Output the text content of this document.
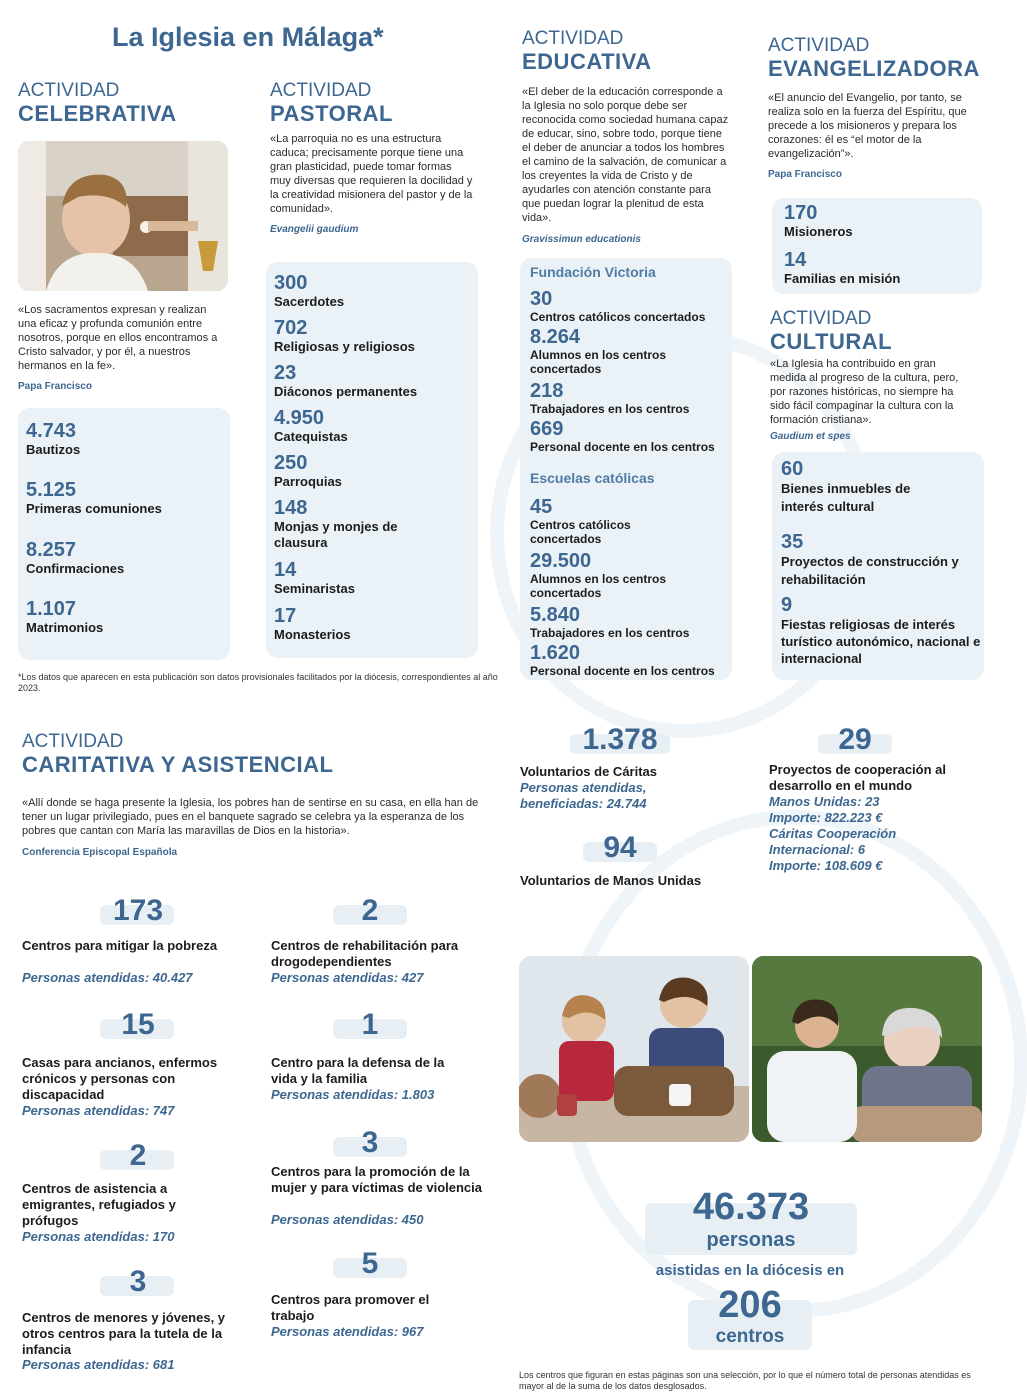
La Iglesia en Málaga*
ACTIVIDAD
CELEBRATIVA
«Los sacramentos expresan y realizan una eficaz y profunda comunión entre nosotros, porque en ellos encontramos a Cristo salvador, y por él, a nuestros hermanos en la fe».
Papa Francisco
4.743
Bautizos
5.125
Primeras comuniones
8.257
Confirmaciones
1.107
Matrimonios
ACTIVIDAD
PASTORAL
«La parroquia no es una estructura caduca; precisamente porque tiene una gran plasticidad, puede tomar formas muy diversas que requieren la docilidad y la creatividad misionera del pastor y de la comunidad».
Evangelii gaudium
300
Sacerdotes
702
Religiosas y religiosos
23
Diáconos permanentes
4.950
Catequistas
250
Parroquias
148
Monjas y monjes de clausura
14
Seminaristas
17
Monasterios
ACTIVIDAD
EDUCATIVA
«El deber de la educación corresponde a la Iglesia no solo porque debe ser reconocida como sociedad humana capaz de educar, sino, sobre todo, porque tiene el deber de anunciar a todos los hombres el camino de la salvación, de comunicar a los creyentes la vida de Cristo y de ayudarles con atención constante para que puedan lograr la plenitud de esta vida».
Gravissimun educationis
Fundación Victoria
30
Centros católicos concertados
8.264
Alumnos en los centros concertados
218
Trabajadores en los centros
669
Personal docente en los centros
Escuelas católicas
45
Centros católicos concertados
29.500
Alumnos en los centros concertados
5.840
Trabajadores en los centros
1.620
Personal docente en los centros
ACTIVIDAD
EVANGELIZADORA
«El anuncio del Evangelio, por tanto, se realiza solo en la fuerza del Espíritu, que precede a los misioneros y prepara los corazones: él es “el motor de la evangelización”».
Papa Francisco
170
Misioneros
14
Familias en misión
ACTIVIDAD
CULTURAL
«La Iglesia ha contribuido en gran medida al progreso de la cultura, pero, por razones históricas, no siempre ha sido fácil compaginar la cultura con la formación cristiana».
Gaudium et spes
60
Bienes inmuebles de interés cultural
35
Proyectos de construcción y rehabilitación
9
Fiestas religiosas de interés turístico autonómico, nacional e internacional
*Los datos que aparecen en esta publicación son datos provisionales facilitados por la diócesis, correspondientes al año 2023.
ACTIVIDAD
CARITATIVA Y ASISTENCIAL
«Allí donde se haga presente la Iglesia, los pobres han de sentirse en su casa, en ella han de tener un lugar privilegiado, pues en el banquete sagrado se celebra ya la esperanza de los pobres que cantan con María las maravillas de Dios en la historia».
Conferencia Episcopal Española
1.378
Voluntarios de Cáritas
Personas atendidas, beneficiadas: 24.744
94
Voluntarios de Manos Unidas
29
Proyectos de cooperación al desarrollo en el mundo
Manos Unidas: 23
Importe: 822.223 €
Cáritas Cooperación Internacional: 6
Importe: 108.609 €
173
Centros para mitigar la pobreza
Personas atendidas: 40.427
15
Casas para ancianos, enfermos crónicos y personas con discapacidad
Personas atendidas: 747
2
Centros de asistencia a emigrantes, refugiados y prófugos
Personas atendidas: 170
3
Centros de menores y jóvenes, y otros centros para la tutela de la infancia
Personas atendidas: 681
2
Centros de rehabilitación para drogodependientes
Personas atendidas: 427
1
Centro para la defensa de la vida y la familia
Personas atendidas: 1.803
3
Centros para la promoción de la mujer y para víctimas de violencia
Personas atendidas: 450
5
Centros para promover el trabajo
Personas atendidas: 967
46.373
personas
asistidas en la diócesis en
206
centros
Los centros que figuran en estas páginas son una selección, por lo que el número total de personas atendidas es mayor al de la suma de los datos desglosados.
